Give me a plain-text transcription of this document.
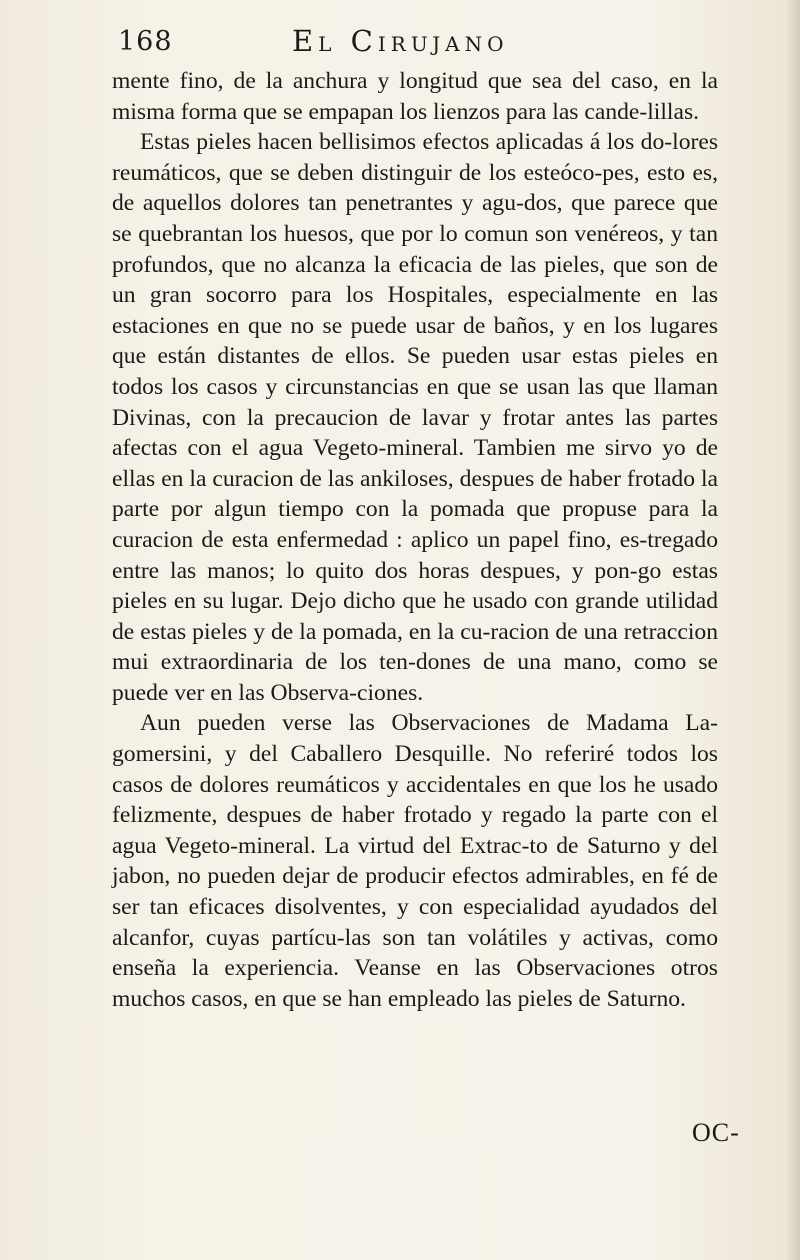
168	El Cirujano

mente fino, de la anchura y longitud que sea del caso, en la misma forma que se empapan los lienzos para las cande-lillas.

Estas pieles hacen bellisimos efectos aplicadas á los do-lores reumáticos, que se deben distinguir de los esteóco-pes, esto es, de aquellos dolores tan penetrantes y agu-dos, que parece que se quebrantan los huesos, que por lo comun son venéreos, y tan profundos, que no alcanza la eficacia de las pieles, que son de un gran socorro para los Hospitales, especialmente en las estaciones en que no se puede usar de baños, y en los lugares que están distantes de ellos. Se pueden usar estas pieles en todos los casos y circunstancias en que se usan las que llaman Divinas, con la precaucion de lavar y frotar antes las partes afectas con el agua Vegeto-mineral. Tambien me sirvo yo de ellas en la curacion de las ankiloses, despues de haber frotado la parte por algun tiempo con la pomada que propuse para la curacion de esta enfermedad : aplico un papel fino, es-tregado entre las manos; lo quito dos horas despues, y pon-go estas pieles en su lugar. Dejo dicho que he usado con grande utilidad de estas pieles y de la pomada, en la cu-racion de una retraccion mui extraordinaria de los ten-dones de una mano, como se puede ver en las Observa-ciones.

Aun pueden verse las Observaciones de Madama La-gomersini, y del Caballero Desquille. No referiré todos los casos de dolores reumáticos y accidentales en que los he usado felizmente, despues de haber frotado y regado la parte con el agua Vegeto-mineral. La virtud del Extrac-to de Saturno y del jabon, no pueden dejar de producir efectos admirables, en fé de ser tan eficaces disolventes, y con especialidad ayudados del alcanfor, cuyas partícu-las son tan volátiles y activas, como enseña la experiencia. Veanse en las Observaciones otros muchos casos, en que se han empleado las pieles de Saturno.

OC-
